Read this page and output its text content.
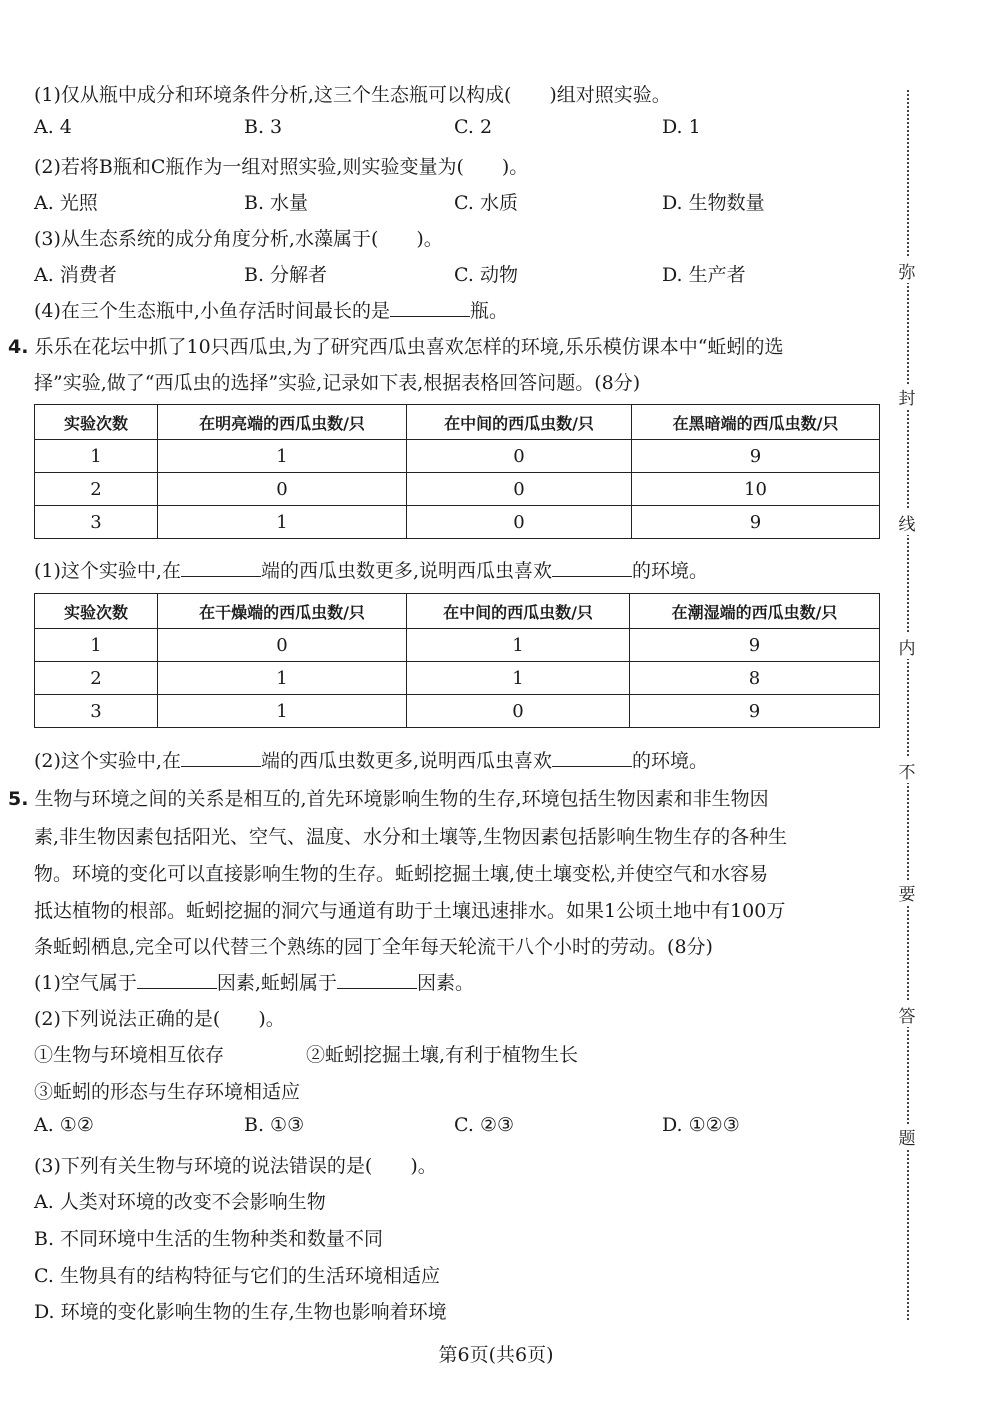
(1)仅从瓶中成分和环境条件分析,这三个生态瓶可以构成(　　)组对照实验。
A. 4	B. 3	C. 2	D. 1
(2)若将B瓶和C瓶作为一组对照实验,则实验变量为(　　)。
A. 光照	B. 水量	C. 水质	D. 生物数量
(3)从生态系统的成分角度分析,水藻属于(　　)。
A. 消费者	B. 分解者	C. 动物	D. 生产者
(4)在三个生态瓶中,小鱼存活时间最长的是	瓶。
4. 乐乐在花坛中抓了10只西瓜虫,为了研究西瓜虫喜欢怎样的环境,乐乐模仿课本中“蚯蚓的选
择”实验,做了“西瓜虫的选择”实验,记录如下表,根据表格回答问题。(8分)
实验次数	在明亮端的西瓜虫数/只	在中间的西瓜虫数/只	在黑暗端的西瓜虫数/只
1	1	0	9
2	0	0	10
3	1	0	9
(1)这个实验中,在	端的西瓜虫数更多,说明西瓜虫喜欢	的环境。
实验次数	在干燥端的西瓜虫数/只	在中间的西瓜虫数/只	在潮湿端的西瓜虫数/只
1	0	1	9
2	1	1	8
3	1	0	9
(2)这个实验中,在	端的西瓜虫数更多,说明西瓜虫喜欢	的环境。
5. 生物与环境之间的关系是相互的,首先环境影响生物的生存,环境包括生物因素和非生物因
素,非生物因素包括阳光、空气、温度、水分和土壤等,生物因素包括影响生物生存的各种生
物。环境的变化可以直接影响生物的生存。蚯蚓挖掘土壤,使土壤变松,并使空气和水容易
抵达植物的根部。蚯蚓挖掘的洞穴与通道有助于土壤迅速排水。如果1公顷土地中有100万
条蚯蚓栖息,完全可以代替三个熟练的园丁全年每天轮流干八个小时的劳动。(8分)
(1)空气属于	因素,蚯蚓属于	因素。
(2)下列说法正确的是(　　)。
①生物与环境相互依存	②蚯蚓挖掘土壤,有利于植物生长
③蚯蚓的形态与生存环境相适应
A. ①②	B. ①③	C. ②③	D. ①②③
(3)下列有关生物与环境的说法错误的是(　　)。
A. 人类对环境的改变不会影响生物
B. 不同环境中生活的生物种类和数量不同
C. 生物具有的结构特征与它们的生活环境相适应
D. 环境的变化影响生物的生存,生物也影响着环境
弥
封
线
内
不
要
答
题
第6页(共6页)
